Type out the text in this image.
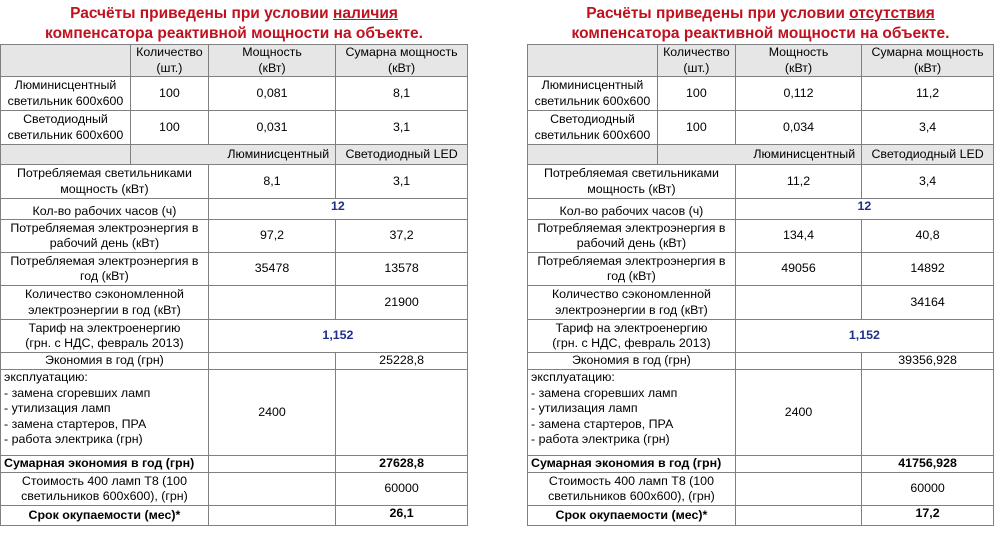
Расчёты приведены при условии наличия
компенсатора реактивной мощности на объекте.

	Количество
(шт.)	Мощность
(кВт)	Сумарна мощность
(кВт)

Люминисцентный
светильник 600х600	100	0,081	8,1

Светодиодный
светильник 600х600	100	0,031	3,1
	Люминисцентный		Светодиодный LED

Потребляемая светильниками
мощность (кВт)		8,1	3,1
Кол-во рабочих часов (ч)		12	

Потребляемая электроэнергия в
рабочий день (кВт)		97,2	37,2

Потребляемая электроэнергия в
год (кВт)		35478	13578

Количество сэкономленной
электроэнергии в год (кВт)			21900

Тариф на электроенергию
(грн. с НДС, февраль 2013)		1,152	
Экономия в год (грн)			25228,8

эксплуатацию:
- замена сгоревших ламп
- утилизация ламп
- замена стартеров, ПРА
- работа электрика (грн)		2400	
Сумарная экономия в год (грн)			27628,8

Стоимость 400 ламп Т8 (100
светильников 600х600), (грн)			60000
Срок окупаемости (мес)*			26,1
Расчёты приведены при условии отсутствия
компенсатора реактивной мощности на объекте.

	Количество
(шт.)	Мощность
(кВт)	Сумарна мощность
(кВт)

Люминисцентный
светильник 600х600	100	0,112	11,2

Светодиодный
светильник 600х600	100	0,034	3,4
	Люминисцентный		Светодиодный LED

Потребляемая светильниками
мощность (кВт)		11,2	3,4
Кол-во рабочих часов (ч)		12	

Потребляемая электроэнергия в
рабочий день (кВт)		134,4	40,8

Потребляемая электроэнергия в
год (кВт)		49056	14892

Количество сэкономленной
электроэнергии в год (кВт)			34164

Тариф на электроенергию
(грн. с НДС, февраль 2013)		1,152	
Экономия в год (грн)			39356,928

эксплуатацию:
- замена сгоревших ламп
- утилизация ламп
- замена стартеров, ПРА
- работа электрика (грн)		2400	
Сумарная экономия в год (грн)			41756,928

Стоимость 400 ламп Т8 (100
светильников 600х600), (грн)			60000
Срок окупаемости (мес)*			17,2
